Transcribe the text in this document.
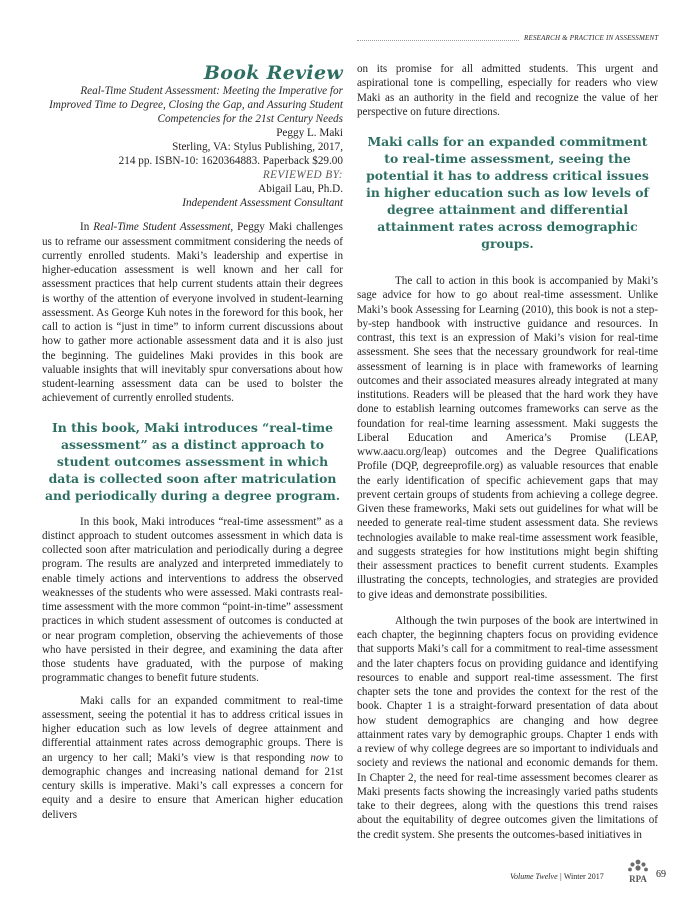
RESEARCH & PRACTICE IN ASSESSMENT
Book Review
Real-Time Student Assessment: Meeting the Imperative for Improved Time to Degree, Closing the Gap, and Assuring Student Competencies for the 21st Century Needs
Peggy L. Maki
Sterling, VA: Stylus Publishing, 2017,
214 pp. ISBN-10: 1620364883. Paperback $29.00
REVIEWED BY:
Abigail Lau, Ph.D.
Independent Assessment Consultant

In Real-Time Student Assessment, Peggy Maki challenges us to reframe our assessment commitment considering the needs of currently enrolled students. Maki’s leadership and expertise in higher-education assessment is well known and her call for assessment practices that help current students attain their degrees is worthy of the attention of everyone involved in student-learning assessment. As George Kuh notes in the foreword for this book, her call to action is “just in time” to inform current discussions about how to gather more actionable assessment data and it is also just the beginning. The guidelines Maki provides in this book are valuable insights that will inevitably spur conversations about how student-learning assessment data can be used to bolster the achievement of currently enrolled students.

In this book, Maki introduces “real-time assessment” as a distinct approach to student outcomes assessment in which data is collected soon after matriculation and periodically during a degree program.

In this book, Maki introduces “real-time assessment” as a distinct approach to student outcomes assessment in which data is collected soon after matriculation and periodically during a degree program. The results are analyzed and interpreted immediately to enable timely actions and interventions to address the observed weaknesses of the students who were assessed. Maki contrasts real-time assessment with the more common “point-in-time” assessment practices in which student assessment of outcomes is conducted at or near program completion, observing the achievements of those who have persisted in their degree, and examining the data after those students have graduated, with the purpose of making programmatic changes to benefit future students.

Maki calls for an expanded commitment to real-time assessment, seeing the potential it has to address critical issues in higher education such as low levels of degree attainment and differential attainment rates across demographic groups. There is an urgency to her call; Maki’s view is that responding now to demographic changes and increasing national demand for 21st century skills is imperative. Maki’s call expresses a concern for equity and a desire to ensure that American higher education delivers

on its promise for all admitted students. This urgent and aspirational tone is compelling, especially for readers who view Maki as an authority in the field and recognize the value of her perspective on future directions.

Maki calls for an expanded commitment to real-time assessment, seeing the potential it has to address critical issues in higher education such as low levels of degree attainment and differential attainment rates across demographic groups.

The call to action in this book is accompanied by Maki’s sage advice for how to go about real-time assessment. Unlike Maki’s book Assessing for Learning (2010), this book is not a step-by-step handbook with instructive guidance and resources. In contrast, this text is an expression of Maki’s vision for real-time assessment. She sees that the necessary groundwork for real-time assessment of learning is in place with frameworks of learning outcomes and their associated measures already integrated at many institutions. Readers will be pleased that the hard work they have done to establish learning outcomes frameworks can serve as the foundation for real-time learning assessment. Maki suggests the Liberal Education and America’s Promise (LEAP, www.aacu.org/leap) outcomes and the Degree Qualifications Profile (DQP, degreeprofile.org) as valuable resources that enable the early identification of specific achievement gaps that may prevent certain groups of students from achieving a college degree. Given these frameworks, Maki sets out guidelines for what will be needed to generate real-time student assessment data. She reviews technologies available to make real-time assessment work feasible, and suggests strategies for how institutions might begin shifting their assessment practices to benefit current students. Examples illustrating the concepts, technologies, and strategies are provided to give ideas and demonstrate possibilities.

Although the twin purposes of the book are intertwined in each chapter, the beginning chapters focus on providing evidence that supports Maki’s call for a commitment to real-time assessment and the later chapters focus on providing guidance and identifying resources to enable and support real-time assessment. The first chapter sets the tone and provides the context for the rest of the book. Chapter 1 is a straight-forward presentation of data about how student demographics are changing and how degree attainment rates vary by demographic groups. Chapter 1 ends with a review of why college degrees are so important to individuals and society and reviews the national and economic demands for them. In Chapter 2, the need for real-time assessment becomes clearer as Maki presents facts showing the increasingly varied paths students take to their degrees, along with the questions this trend raises about the equitability of degree outcomes given the limitations of the credit system. She presents the outcomes-based initiatives in

Volume Twelve | Winter 2017	RPA 69
